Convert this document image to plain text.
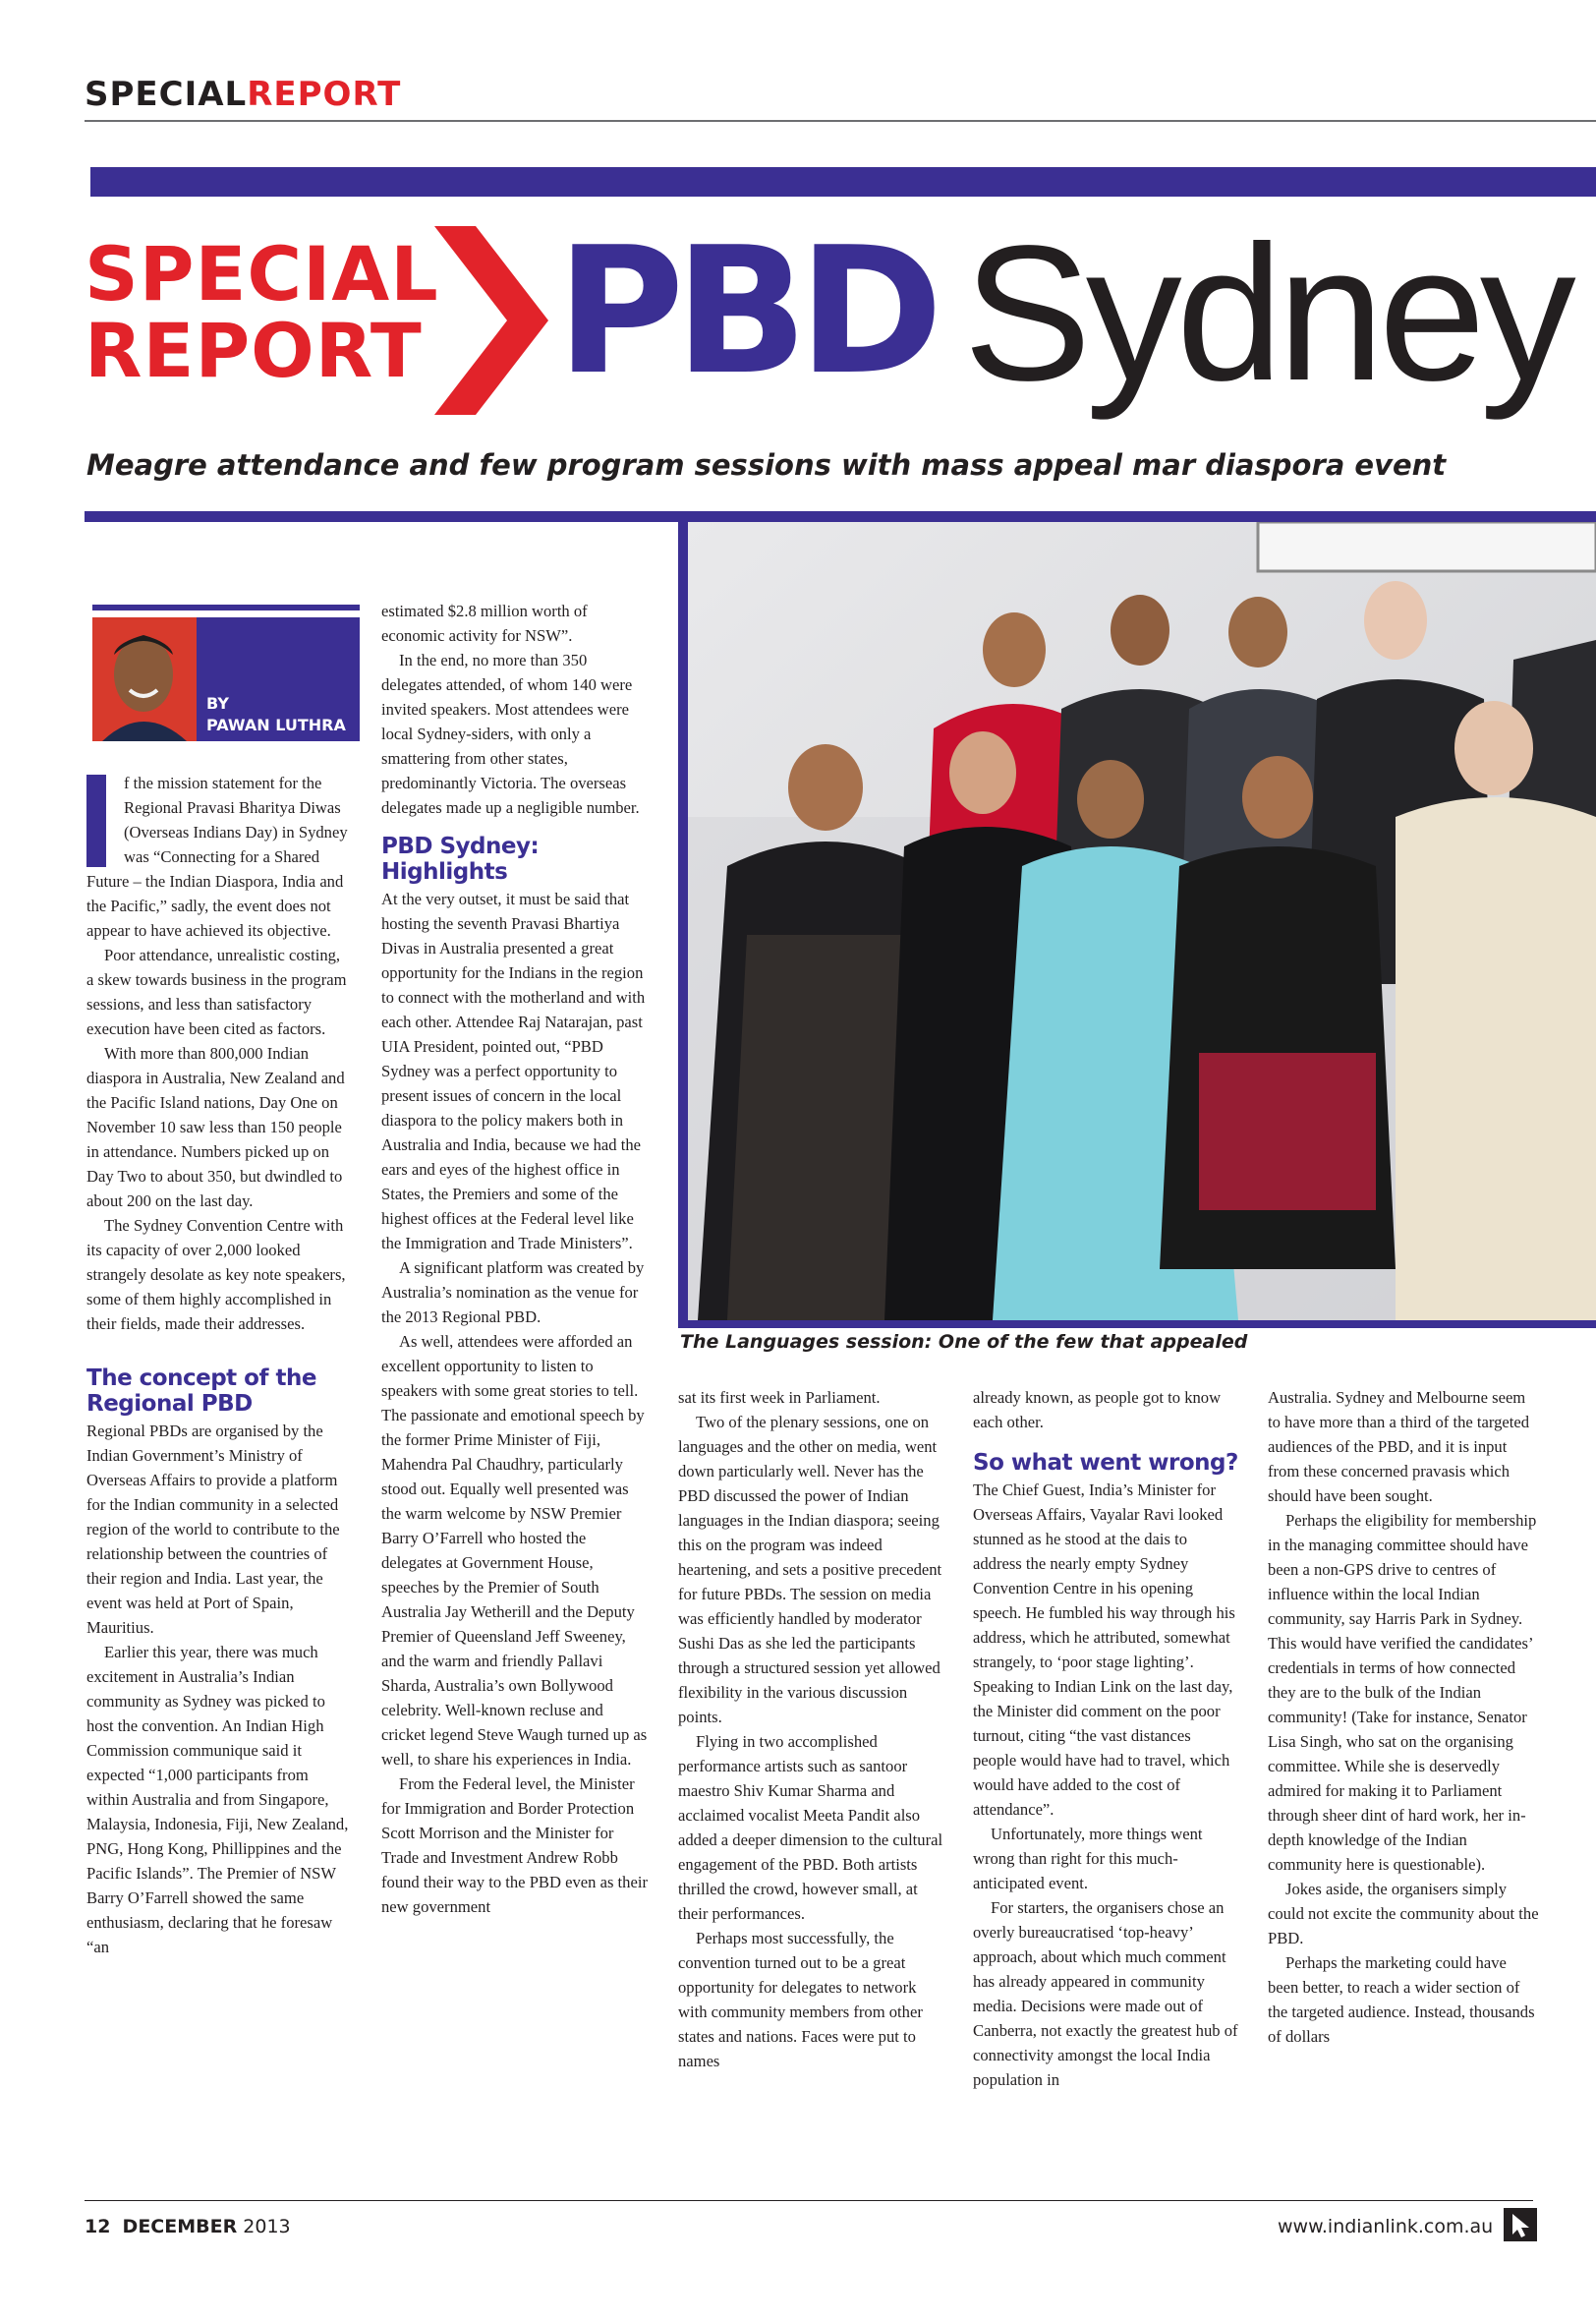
SPECIALREPORT
SPECIAL
REPORT PBD Sydney
Meagre attendance and few program sessions with mass appeal mar diaspora event
The Languages session: One of the few that appealed
BY
PAWAN LUTHRA

f the mission statement for the Regional Pravasi Bharitya Diwas (Overseas Indians Day) in Sydney was “Connecting for a Shared Future – the Indian Diaspora, India and the Pacific,” sadly, the event does not appear to have achieved its objective.

Poor attendance, unrealistic costing, a skew towards business in the program sessions, and less than satisfactory execution have been cited as factors.

With more than 800,000 Indian diaspora in Australia, New Zealand and the Pacific Island nations, Day One on November 10 saw less than 150 people in attendance. Numbers picked up on Day Two to about 350, but dwindled to about 200 on the last day.

The Sydney Convention Centre with its capacity of over 2,000 looked strangely desolate as key note speakers, some of them highly accomplished in their fields, made their addresses.

The concept of the Regional PBD

Regional PBDs are organised by the Indian Government’s Ministry of Overseas Affairs to provide a platform for the Indian community in a selected region of the world to contribute to the relationship between the countries of their region and India. Last year, the event was held at Port of Spain, Mauritius.

Earlier this year, there was much excitement in Australia’s Indian community as Sydney was picked to host the convention. An Indian High Commission communique said it expected “1,000 participants from within Australia and from Singapore, Malaysia, Indonesia, Fiji, New Zealand, PNG, Hong Kong, Phillippines and the Pacific Islands”. The Premier of NSW Barry O’Farrell showed the same enthusiasm, declaring that he foresaw “an

estimated $2.8 million worth of economic activity for NSW”.

In the end, no more than 350 delegates attended, of whom 140 were invited speakers. Most attendees were local Sydney-siders, with only a smattering from other states, predominantly Victoria. The overseas delegates made up a negligible number.

PBD Sydney: Highlights

At the very outset, it must be said that hosting the seventh Pravasi Bhartiya Divas in Australia presented a great opportunity for the Indians in the region to connect with the motherland and with each other. Attendee Raj Natarajan, past UIA President, pointed out, “PBD Sydney was a perfect opportunity to present issues of concern in the local diaspora to the policy makers both in Australia and India, because we had the ears and eyes of the highest office in States, the Premiers and some of the highest offices at the Federal level like the Immigration and Trade Ministers”.

A significant platform was created by Australia’s nomination as the venue for the 2013 Regional PBD.

As well, attendees were afforded an excellent opportunity to listen to speakers with some great stories to tell. The passionate and emotional speech by the former Prime Minister of Fiji, Mahendra Pal Chaudhry, particularly stood out. Equally well presented was the warm welcome by NSW Premier Barry O’Farrell who hosted the delegates at Government House, speeches by the Premier of South Australia Jay Wetherill and the Deputy Premier of Queensland Jeff Sweeney, and the warm and friendly Pallavi Sharda, Australia’s own Bollywood celebrity. Well-known recluse and cricket legend Steve Waugh turned up as well, to share his experiences in India.

From the Federal level, the Minister for Immigration and Border Protection Scott Morrison and the Minister for Trade and Investment Andrew Robb found their way to the PBD even as their new government

sat its first week in Parliament.

Two of the plenary sessions, one on languages and the other on media, went down particularly well. Never has the PBD discussed the power of Indian languages in the Indian diaspora; seeing this on the program was indeed heartening, and sets a positive precedent for future PBDs. The session on media was efficiently handled by moderator Sushi Das as she led the participants through a structured session yet allowed flexibility in the various discussion points.

Flying in two accomplished performance artists such as santoor maestro Shiv Kumar Sharma and acclaimed vocalist Meeta Pandit also added a deeper dimension to the cultural engagement of the PBD. Both artists thrilled the crowd, however small, at their performances.

Perhaps most successfully, the convention turned out to be a great opportunity for delegates to network with community members from other states and nations. Faces were put to names

already known, as people got to know each other.

So what went wrong?

The Chief Guest, India’s Minister for Overseas Affairs, Vayalar Ravi looked stunned as he stood at the dais to address the nearly empty Sydney Convention Centre in his opening speech. He fumbled his way through his address, which he attributed, somewhat strangely, to ‘poor stage lighting’. Speaking to Indian Link on the last day, the Minister did comment on the poor turnout, citing “the vast distances people would have had to travel, which would have added to the cost of attendance”.

Unfortunately, more things went wrong than right for this much-anticipated event.

For starters, the organisers chose an overly bureaucratised ‘top-heavy’ approach, about which much comment has already appeared in community media. Decisions were made out of Canberra, not exactly the greatest hub of connectivity amongst the local India population in

Australia. Sydney and Melbourne seem to have more than a third of the targeted audiences of the PBD, and it is input from these concerned pravasis which should have been sought.

Perhaps the eligibility for membership in the managing committee should have been a non-GPS drive to centres of influence within the local Indian community, say Harris Park in Sydney. This would have verified the candidates’ credentials in terms of how connected they are to the bulk of the Indian community! (Take for instance, Senator Lisa Singh, who sat on the organising committee. While she is deservedly admired for making it to Parliament through sheer dint of hard work, her in-depth knowledge of the Indian community here is questionable).

Jokes aside, the organisers simply could not excite the community about the PBD.

Perhaps the marketing could have been better, to reach a wider section of the targeted audience. Instead, thousands of dollars

12 DECEMBER 2013	www.indianlink.com.au
